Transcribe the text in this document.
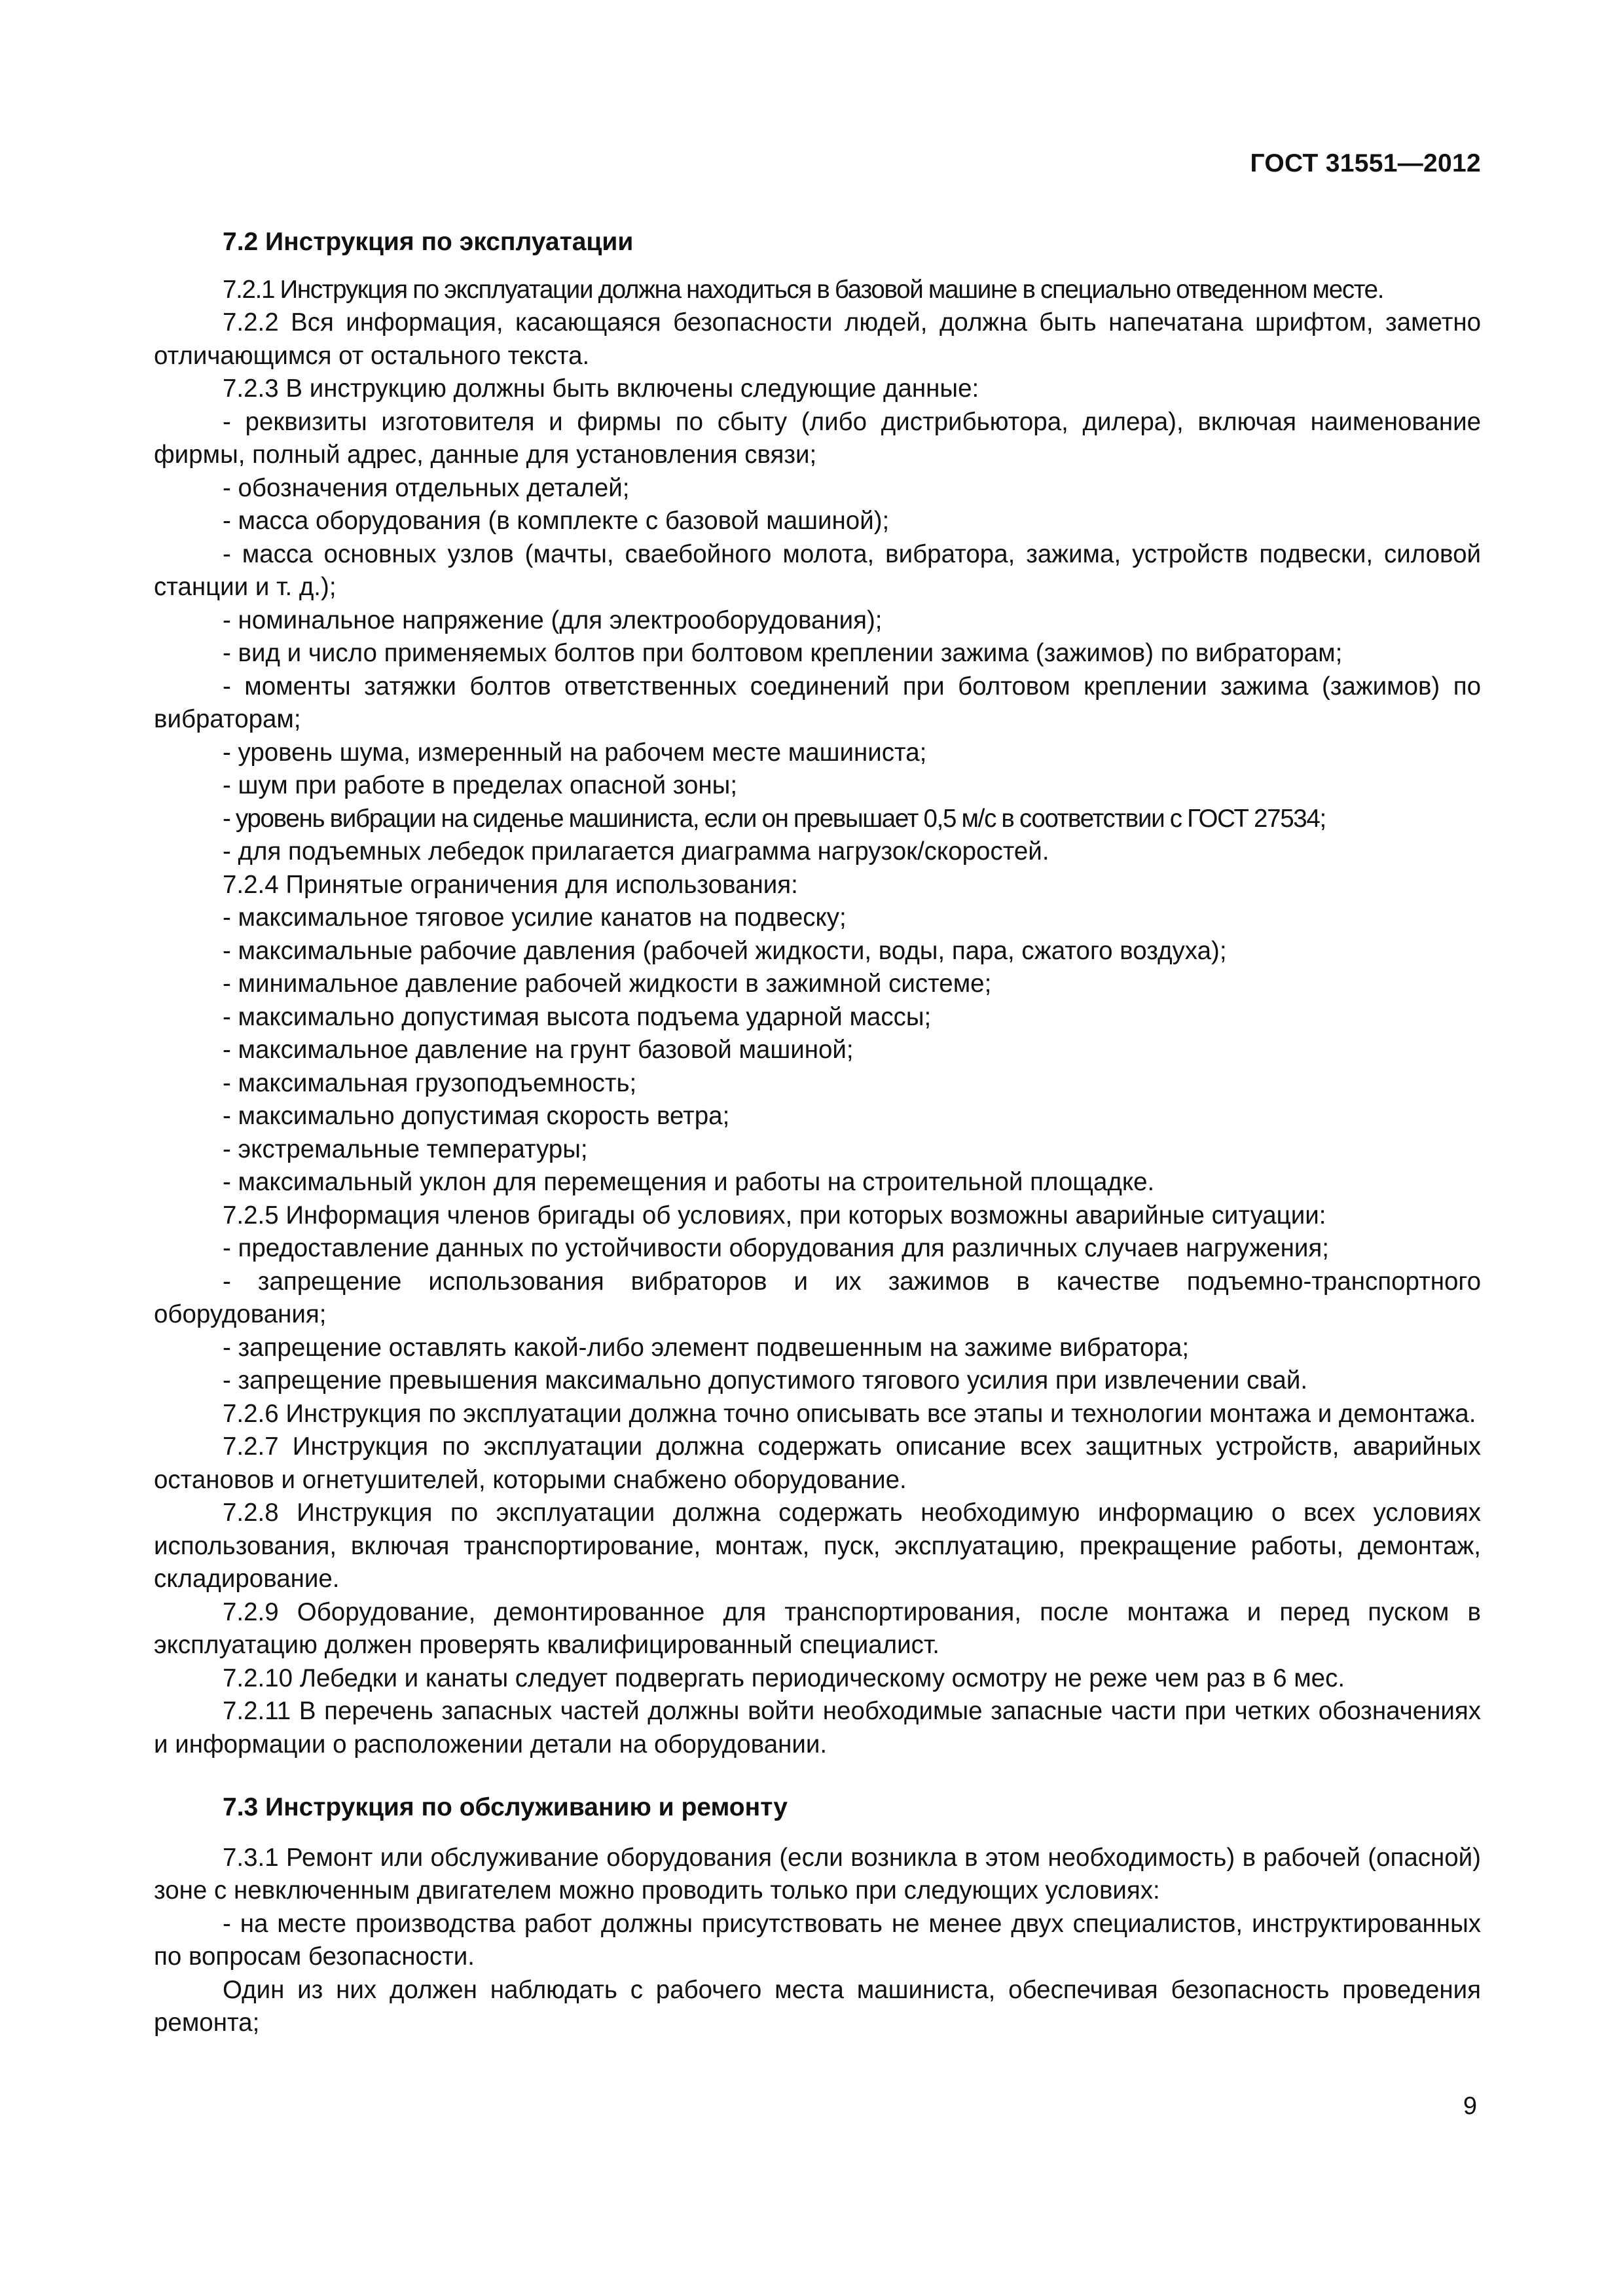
ГОСТ 31551—2012
7.2 Инструкция по эксплуатации

7.2.1 Инструкция по эксплуатации должна находиться в базовой машине в специально отведенном месте.

7.2.2 Вся информация, касающаяся безопасности людей, должна быть напечатана шрифтом, заметно отличающимся от остального текста.

7.2.3 В инструкцию должны быть включены следующие данные:

- реквизиты изготовителя и фирмы по сбыту (либо дистрибьютора, дилера), включая наименование фирмы, полный адрес, данные для установления связи;

- обозначения отдельных деталей;

- масса оборудования (в комплекте с базовой машиной);

- масса основных узлов (мачты, сваебойного молота, вибратора, зажима, устройств подвески, силовой станции и т. д.);

- номинальное напряжение (для электрооборудования);

- вид и число применяемых болтов при болтовом креплении зажима (зажимов) по вибраторам;

- моменты затяжки болтов ответственных соединений при болтовом креплении зажима (зажимов) по вибраторам;

- уровень шума, измеренный на рабочем месте машиниста;

- шум при работе в пределах опасной зоны;

- уровень вибрации на сиденье машиниста, если он превышает 0,5 м/с в соответствии с ГОСТ 27534;

- для подъемных лебедок прилагается диаграмма нагрузок/скоростей.

7.2.4 Принятые ограничения для использования:

- максимальное тяговое усилие канатов на подвеску;

- максимальные рабочие давления (рабочей жидкости, воды, пара, сжатого воздуха);

- минимальное давление рабочей жидкости в зажимной системе;

- максимально допустимая высота подъема ударной массы;

- максимальное давление на грунт базовой машиной;

- максимальная грузоподъемность;

- максимально допустимая скорость ветра;

- экстремальные температуры;

- максимальный уклон для перемещения и работы на строительной площадке.

7.2.5 Информация членов бригады об условиях, при которых возможны аварийные ситуации:

- предоставление данных по устойчивости оборудования для различных случаев нагружения;

- запрещение использования вибраторов и их зажимов в качестве подъемно-транспортного оборудования;

- запрещение оставлять какой-либо элемент подвешенным на зажиме вибратора;

- запрещение превышения максимально допустимого тягового усилия при извлечении свай.

7.2.6 Инструкция по эксплуатации должна точно описывать все этапы и технологии монтажа и демонтажа.

7.2.7 Инструкция по эксплуатации должна содержать описание всех защитных устройств, аварийных остановов и огнетушителей, которыми снабжено оборудование.

7.2.8 Инструкция по эксплуатации должна содержать необходимую информацию о всех условиях использования, включая транспортирование, монтаж, пуск, эксплуатацию, прекращение работы, демонтаж, складирование.

7.2.9 Оборудование, демонтированное для транспортирования, после монтажа и перед пуском в эксплуатацию должен проверять квалифицированный специалист.

7.2.10 Лебедки и канаты следует подвергать периодическому осмотру не реже чем раз в 6 мес.

7.2.11 В перечень запасных частей должны войти необходимые запасные части при четких обозначениях и информации о расположении детали на оборудовании.

7.3 Инструкция по обслуживанию и ремонту

7.3.1 Ремонт или обслуживание оборудования (если возникла в этом необходимость) в рабочей (опасной) зоне с невключенным двигателем можно проводить только при следующих условиях:

- на месте производства работ должны присутствовать не менее двух специалистов, инструктированных по вопросам безопасности.

Один из них должен наблюдать с рабочего места машиниста, обеспечивая безопасность проведения ремонта;

9
